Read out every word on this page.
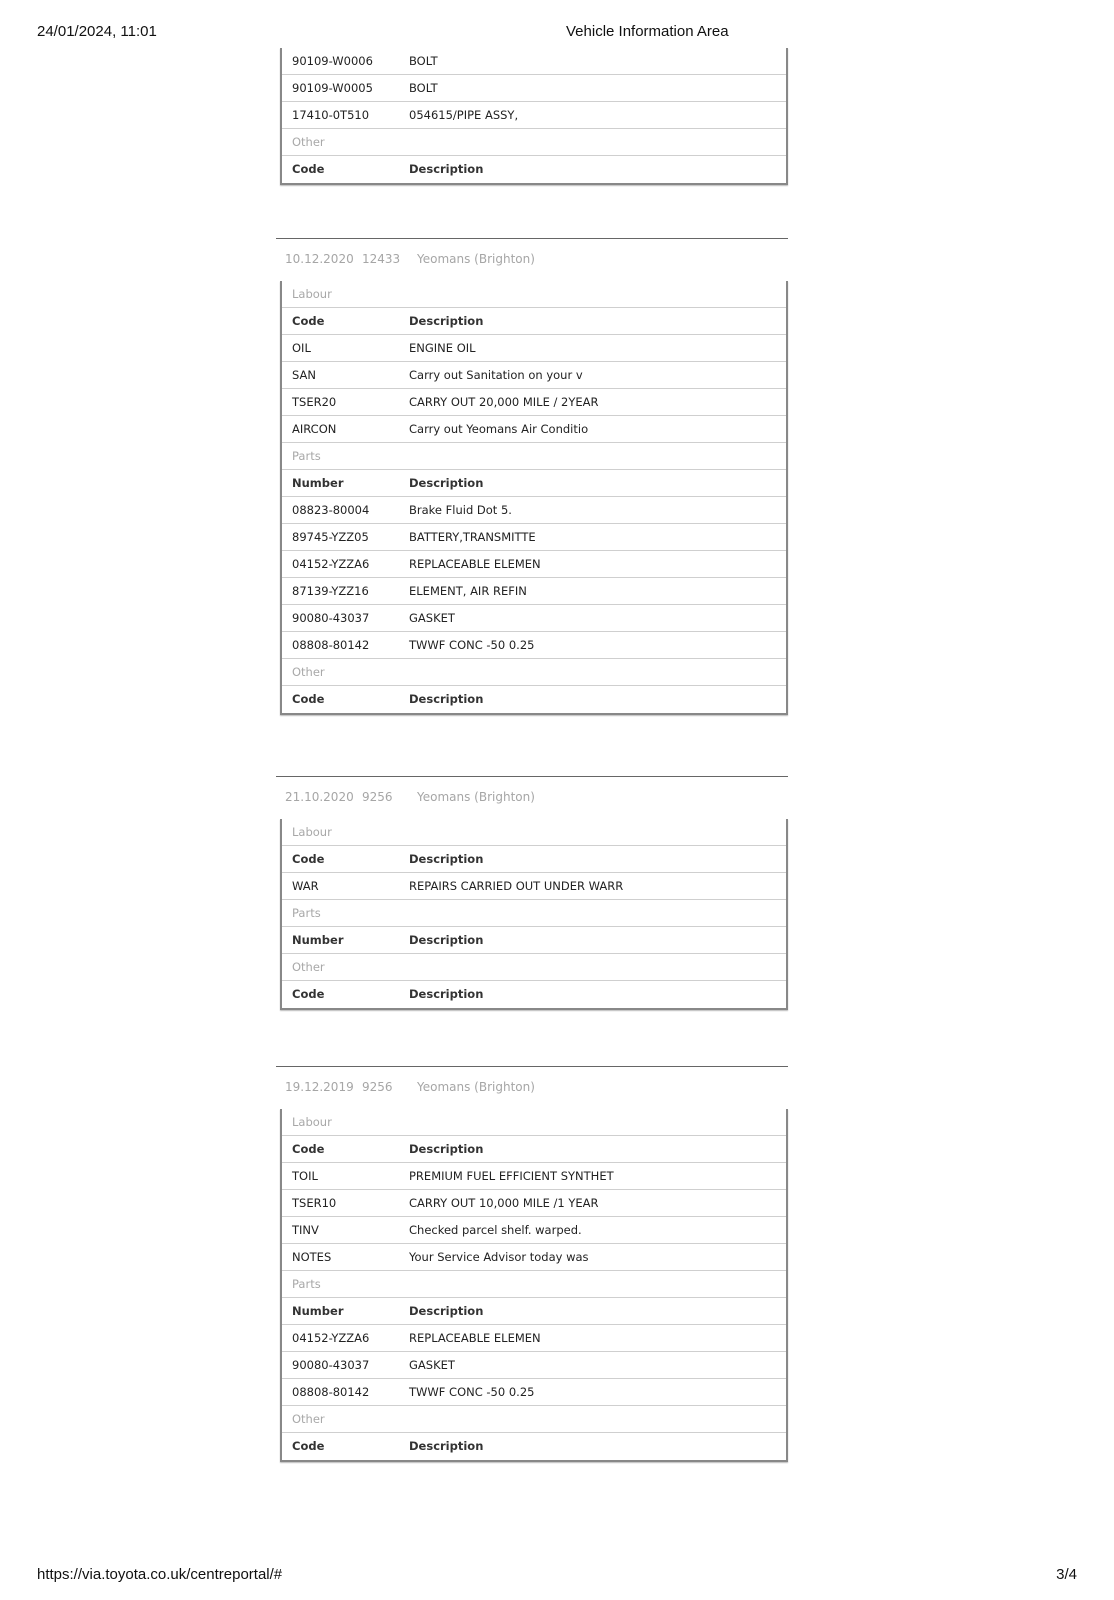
24/01/2024, 11:01	Vehicle Information Area
90109-W0006	BOLT
90109-W0005	BOLT
17410-0T510	054615/PIPE ASSY,
Other
Code	Description
10.12.2020 12433 Yeomans (Brighton)
Labour
Code	Description
OIL	ENGINE OIL
SAN	Carry out Sanitation on your v
TSER20	CARRY OUT 20,000 MILE / 2YEAR
AIRCON	Carry out Yeomans Air Conditio
Parts
Number	Description
08823-80004	Brake Fluid Dot 5.
89745-YZZ05	BATTERY,TRANSMITTE
04152-YZZA6	REPLACEABLE ELEMEN
87139-YZZ16	ELEMENT, AIR REFIN
90080-43037	GASKET
08808-80142	TWWF CONC -50 0.25
Other
Code	Description
21.10.2020 9256 Yeomans (Brighton)
Labour
Code	Description
WAR	REPAIRS CARRIED OUT UNDER WARR
Parts
Number	Description
Other
Code	Description
19.12.2019 9256 Yeomans (Brighton)
Labour
Code	Description
TOIL	PREMIUM FUEL EFFICIENT SYNTHET
TSER10	CARRY OUT 10,000 MILE /1 YEAR
TINV	Checked parcel shelf. warped.
NOTES	Your Service Advisor today was
Parts
Number	Description
04152-YZZA6	REPLACEABLE ELEMEN
90080-43037	GASKET
08808-80142	TWWF CONC -50 0.25
Other
Code	Description
https://via.toyota.co.uk/centreportal/#	3/4
